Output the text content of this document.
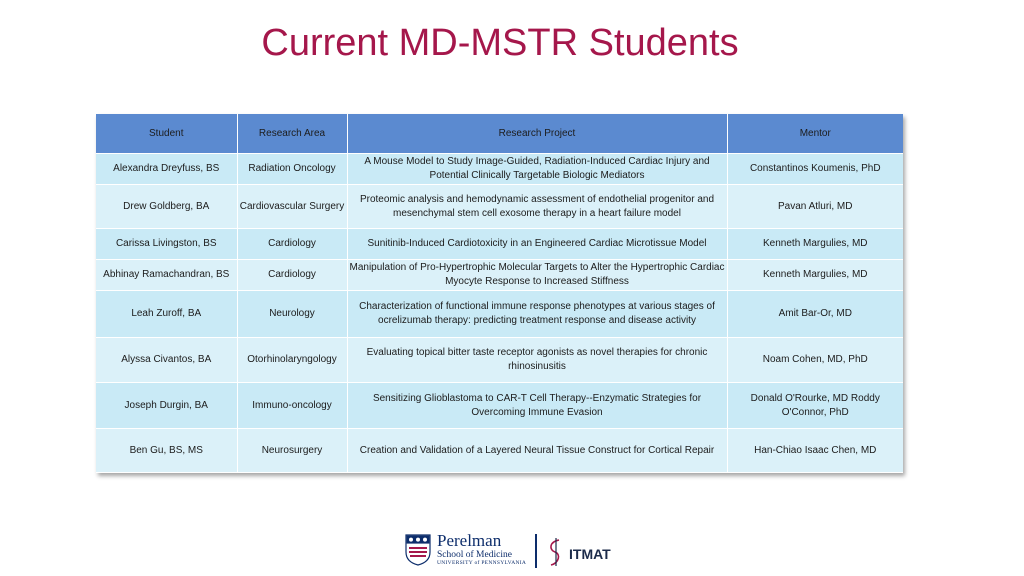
Current MD-MSTR Students
Student	Research Area	Research Project	Mentor
Alexandra Dreyfuss, BS	Radiation Oncology	A Mouse Model to Study Image-Guided, Radiation-Induced Cardiac Injury and Potential Clinically Targetable Biologic Mediators	Constantinos Koumenis, PhD
Drew Goldberg, BA	Cardiovascular Surgery	Proteomic analysis and hemodynamic assessment of endothelial progenitor and mesenchymal stem cell exosome therapy in a heart failure model	Pavan Atluri, MD
Carissa Livingston, BS	Cardiology	Sunitinib-Induced Cardiotoxicity in an Engineered Cardiac Microtissue Model	Kenneth Margulies, MD
Abhinay Ramachandran, BS	Cardiology	Manipulation of Pro-Hypertrophic Molecular Targets to Alter the Hypertrophic Cardiac Myocyte Response to Increased Stiffness	Kenneth Margulies, MD
Leah Zuroff, BA	Neurology	Characterization of functional immune response phenotypes at various stages of ocrelizumab therapy: predicting treatment response and disease activity	Amit Bar-Or, MD
Alyssa Civantos, BA	Otorhinolaryngology	Evaluating topical bitter taste receptor agonists as novel therapies for chronic rhinosinusitis	Noam Cohen, MD, PhD
Joseph Durgin, BA	Immuno-oncology	Sensitizing Glioblastoma to CAR-T Cell Therapy--Enzymatic Strategies for Overcoming Immune Evasion	Donald O'Rourke, MD Roddy O'Connor, PhD
Ben Gu, BS, MS	Neurosurgery	Creation and Validation of a Layered Neural Tissue Construct for Cortical Repair	Han-Chiao Isaac Chen, MD
Perelman
School of Medicine
UNIVERSITY of PENNSYLVANIA
ITMAT
